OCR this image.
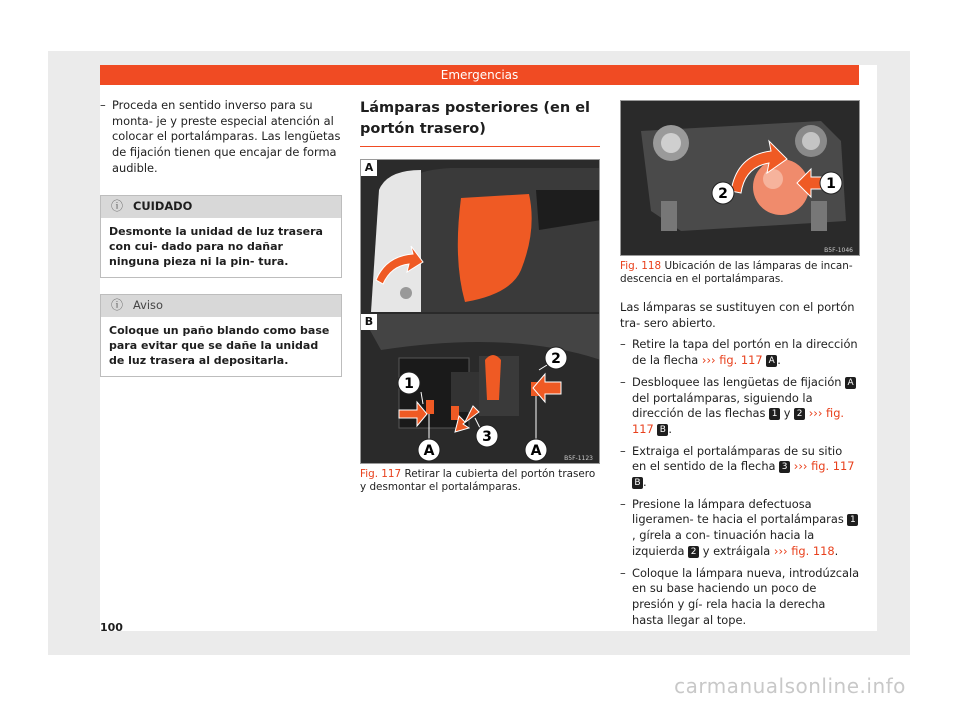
Emergencias
– Proceda en sentido inverso para su monta- je y preste especial atención al colocar el portalámparas. Las lengüetas de fijación tienen que encajar de forma audible.
ⓘ CUIDADO
Desmonte la unidad de luz trasera con cui- dado para no dañar ninguna pieza ni la pin- tura.
ⓘ Aviso
Coloque un paño blando como base para evitar que se dañe la unidad de luz trasera al depositarla.
Lámparas posteriores (en el portón trasero)
1
2
3
A	A	B5F-1123
A
B
Fig. 117 Retirar la cubierta del portón trasero y desmontar el portalámparas.
2
1
B5F-1046
Fig. 118 Ubicación de las lámparas de incan- descencia en el portalámparas.
Las lámparas se sustituyen con el portón tra- sero abierto.
– Retire la tapa del portón en la dirección de la flecha ››› fig. 117 A .
– Desbloquee las lengüetas de fijación A del portalámparas, siguiendo la dirección de las flechas 1 y 2 ››› fig. 117 B .
– Extraiga el portalámparas de su sitio en el sentido de la flecha 3 ››› fig. 117 B .
– Presione la lámpara defectuosa ligeramen- te hacia el portalámparas 1, gírela a con- tinuación hacia la izquierda 2 y extráigala ››› fig. 118.
– Coloque la lámpara nueva, introdúzcala en su base haciendo un poco de presión y gí- rela hacia la derecha hasta llegar al tope.
100
carmanualsonline.info
